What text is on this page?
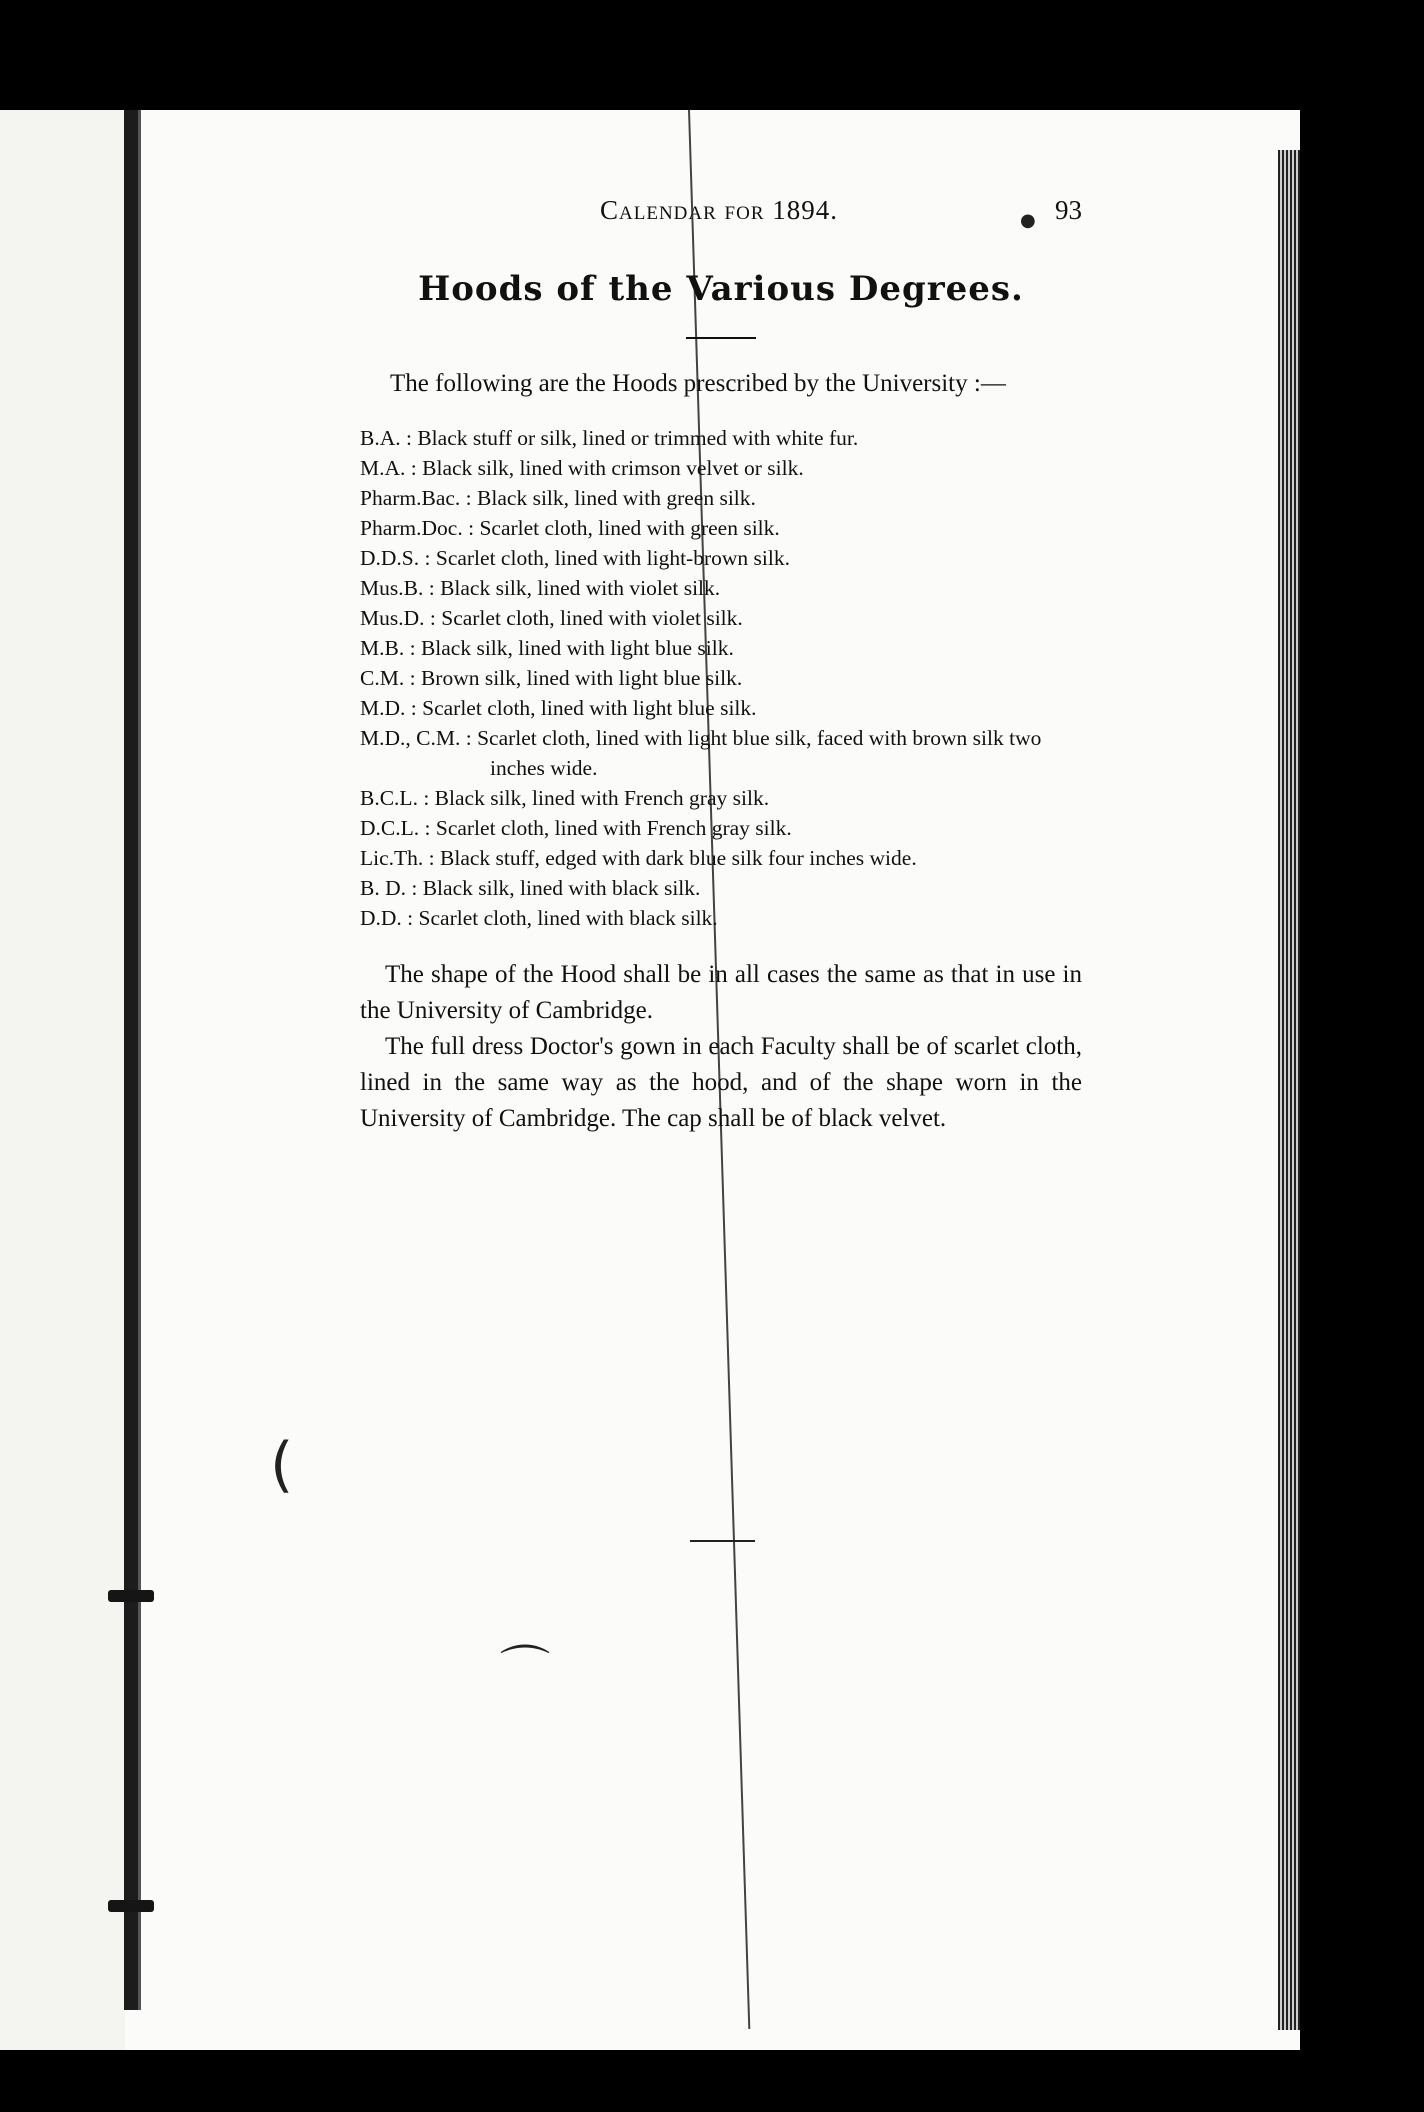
(
⌒
●
Calendar for 1894.	93
Hoods of the Various Degrees.

The following are the Hoods prescribed by the University :—

B.A. : Black stuff or silk, lined or trimmed with white fur.
M.A. : Black silk, lined with crimson velvet or silk.
Pharm.Bac. : Black silk, lined with green silk.
Pharm.Doc. : Scarlet cloth, lined with green silk.
D.D.S. : Scarlet cloth, lined with light-brown silk.
Mus.B. : Black silk, lined with violet silk.
Mus.D. : Scarlet cloth, lined with violet silk.
M.B. : Black silk, lined with light blue silk.
C.M. : Brown silk, lined with light blue silk.
M.D. : Scarlet cloth, lined with light blue silk.
M.D., C.M. : Scarlet cloth, lined with light blue silk, faced with brown silk two inches wide.
B.C.L. : Black silk, lined with French gray silk.
D.C.L. : Scarlet cloth, lined with French gray silk.
Lic.Th. : Black stuff, edged with dark blue silk four inches wide.
B. D. : Black silk, lined with black silk.
D.D. : Scarlet cloth, lined with black silk.

The shape of the Hood shall be in all cases the same as that in use in the University of Cambridge.

The full dress Doctor's gown in each Faculty shall be of scarlet cloth, lined in the same way as the hood, and of the shape worn in the University of Cambridge. The cap shall be of black velvet.
